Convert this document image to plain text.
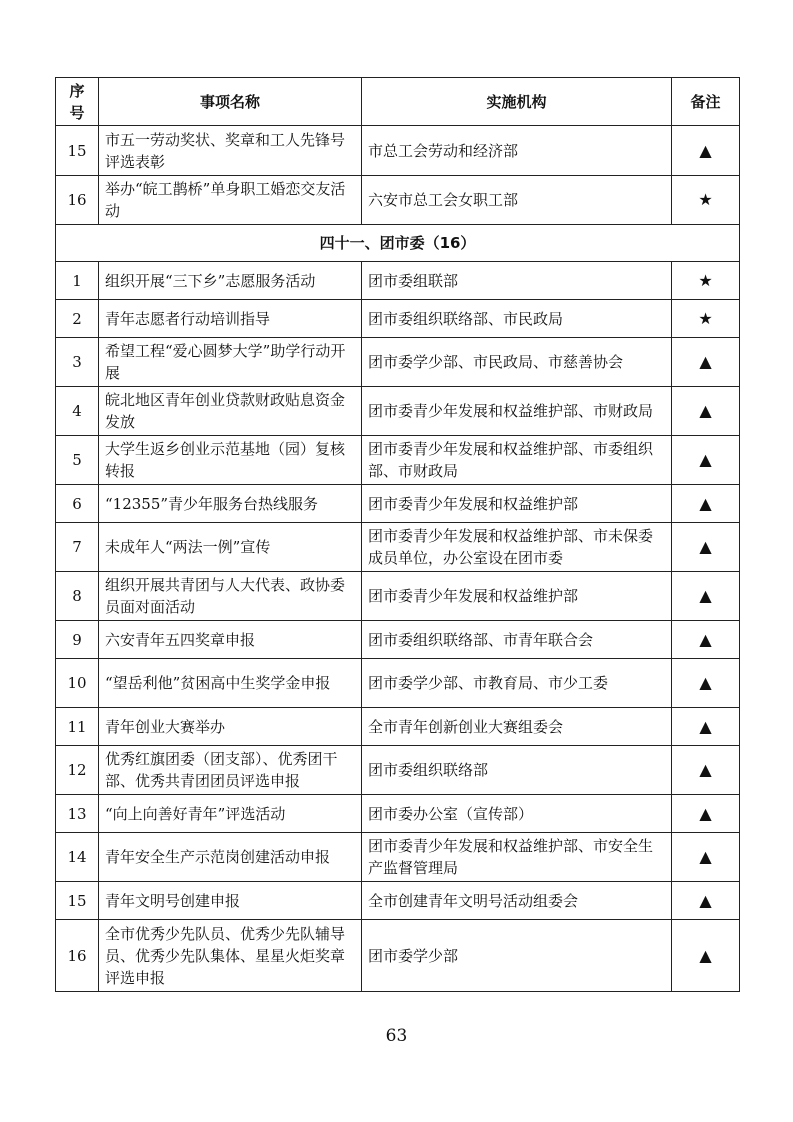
序号	事项名称	实施机构	备注
15	市五一劳动奖状、奖章和工人先锋号评选表彰	市总工会劳动和经济部	▲
16	举办“皖工鹊桥”单身职工婚恋交友活动	六安市总工会女职工部	★
四十一、团市委（16）			
1	组织开展“三下乡”志愿服务活动	团市委组联部	★
2	青年志愿者行动培训指导	团市委组织联络部、市民政局	★
3	希望工程“爱心圆梦大学”助学行动开展	团市委学少部、市民政局、市慈善协会	▲
4	皖北地区青年创业贷款财政贴息资金发放	团市委青少年发展和权益维护部、市财政局	▲
5	大学生返乡创业示范基地（园）复核转报	团市委青少年发展和权益维护部、市委组织部、市财政局	▲
6	“12355”青少年服务台热线服务	团市委青少年发展和权益维护部	▲
7	未成年人“两法一例”宣传	团市委青少年发展和权益维护部、市未保委成员单位，办公室设在团市委	▲
8	组织开展共青团与人大代表、政协委员面对面活动	团市委青少年发展和权益维护部	▲
9	六安青年五四奖章申报	团市委组织联络部、市青年联合会	▲
10	“望岳利他”贫困高中生奖学金申报	团市委学少部、市教育局、市少工委	▲
11	青年创业大赛举办	全市青年创新创业大赛组委会	▲
12	优秀红旗团委（团支部）、优秀团干部、优秀共青团团员评选申报	团市委组织联络部	▲
13	“向上向善好青年”评选活动	团市委办公室（宣传部）	▲
14	青年安全生产示范岗创建活动申报	团市委青少年发展和权益维护部、市安全生产监督管理局	▲
15	青年文明号创建申报	全市创建青年文明号活动组委会	▲
16	全市优秀少先队员、优秀少先队辅导员、优秀少先队集体、星星火炬奖章评选申报	团市委学少部	▲
63
